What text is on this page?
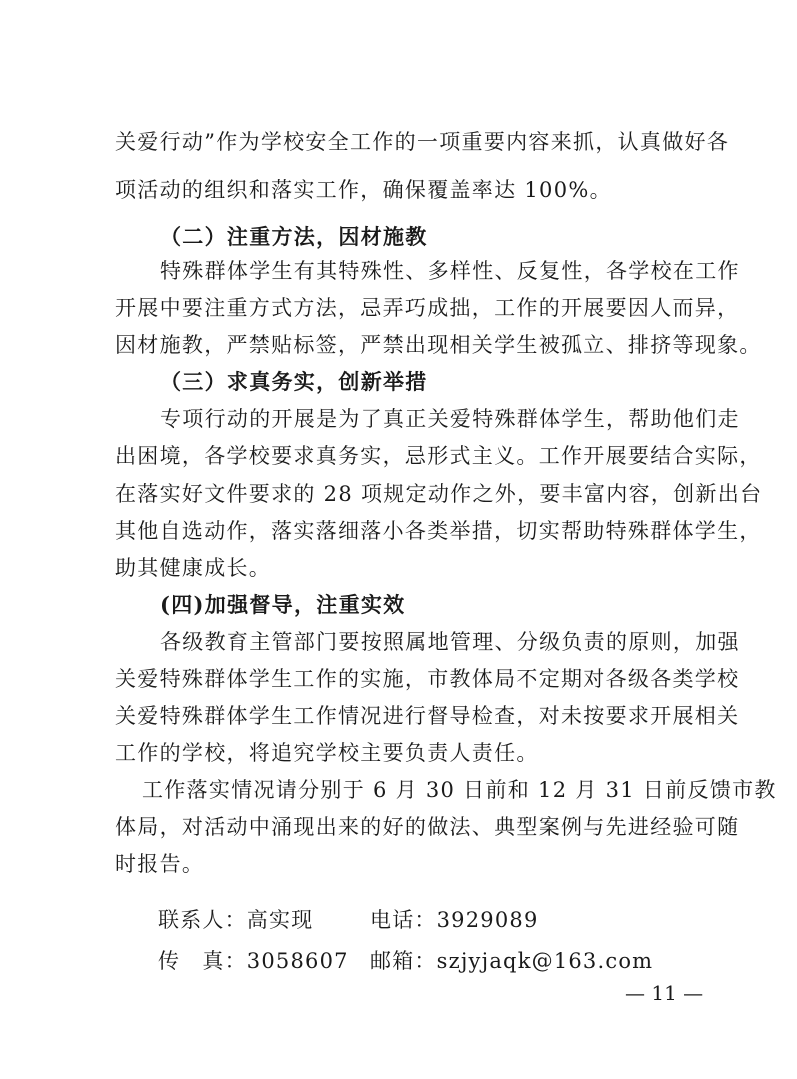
关爱行动”作为学校安全工作的一项重要内容来抓，认真做好各
项活动的组织和落实工作，确保覆盖率达 100%。
（二）注重方法，因材施教
特殊群体学生有其特殊性、多样性、反复性，各学校在工作
开展中要注重方式方法，忌弄巧成拙，工作的开展要因人而异，
因材施教，严禁贴标签，严禁出现相关学生被孤立、排挤等现象。
（三）求真务实，创新举措
专项行动的开展是为了真正关爱特殊群体学生，帮助他们走
出困境，各学校要求真务实，忌形式主义。工作开展要结合实际，
在落实好文件要求的 28 项规定动作之外，要丰富内容，创新出台
其他自选动作，落实落细落小各类举措，切实帮助特殊群体学生，
助其健康成长。
(四)加强督导，注重实效
各级教育主管部门要按照属地管理、分级负责的原则，加强
关爱特殊群体学生工作的实施，市教体局不定期对各级各类学校
关爱特殊群体学生工作情况进行督导检查，对未按要求开展相关
工作的学校，将追究学校主要负责人责任。
工作落实情况请分别于 6 月 30 日前和 12 月 31 日前反馈市教
体局，对活动中涌现出来的好的做法、典型案例与先进经验可随
时报告。
联系人：高实现	电话：3929089
传　真：3058607 邮箱：szjyjaqk@163.com
— 11 —
